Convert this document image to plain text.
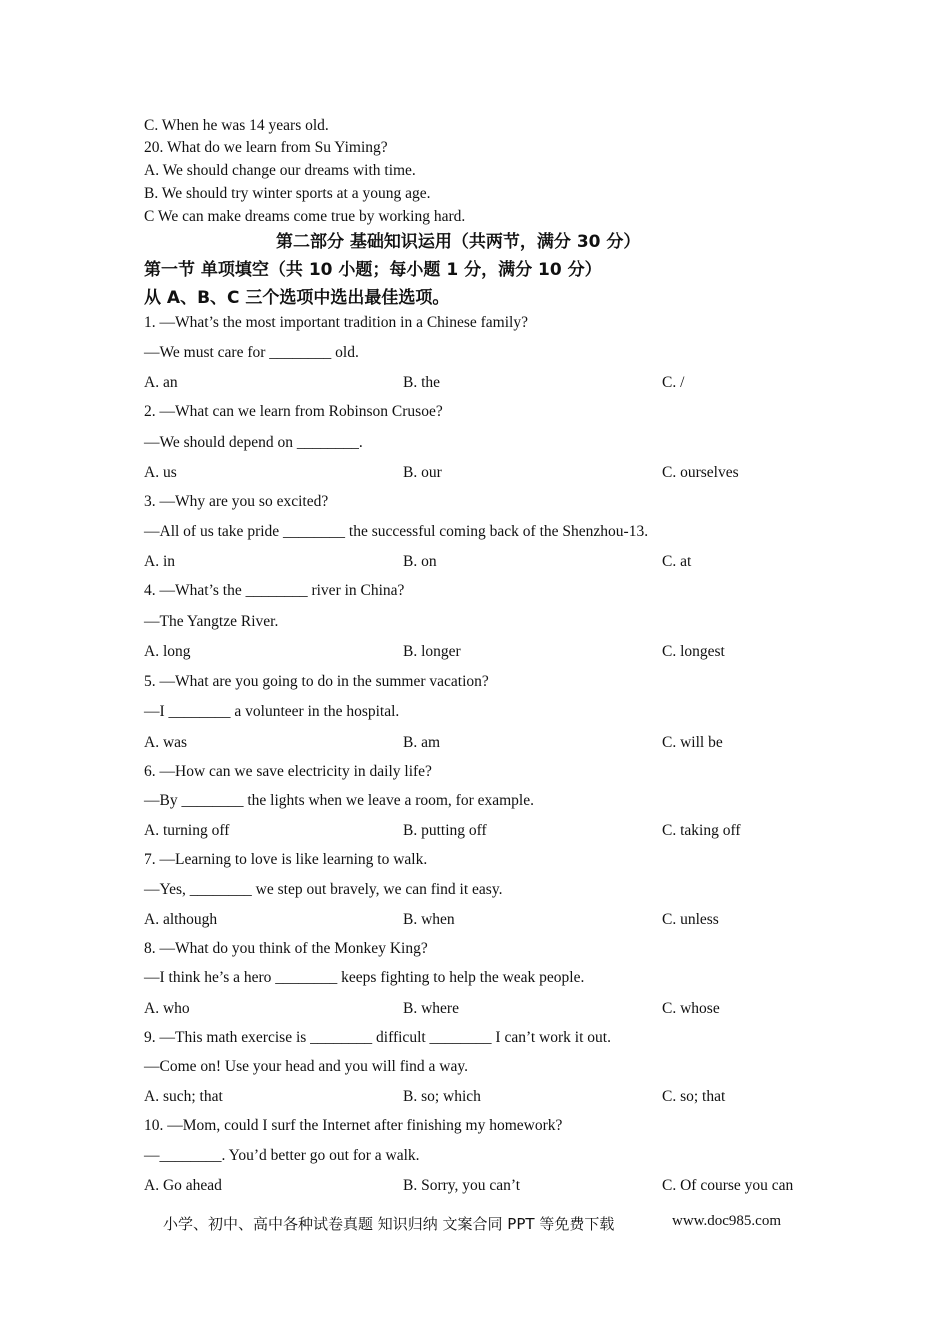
C. When he was 14 years old.
20. What do we learn from Su Yiming?
A. We should change our dreams with time.
B. We should try winter sports at a young age.
C We can make dreams come true by working hard.
第二部分 基础知识运用（共两节，满分 30 分）
第一节 单项填空（共 10 小题；每小题 1 分，满分 10 分）
从 A、B、C 三个选项中选出最佳选项。
1. —What’s the most important tradition in a Chinese family?
—We must care for ________ old.
A. an	B. the	C. /
2. —What can we learn from Robinson Crusoe?
—We should depend on ________.
A. us	B. our	C. ourselves
3. —Why are you so excited?
—All of us take pride ________ the successful coming back of the Shenzhou-13.
A. in	B. on	C. at
4. —What’s the ________ river in China?
—The Yangtze River.
A. long	B. longer	C. longest
5. —What are you going to do in the summer vacation?
—I ________ a volunteer in the hospital.
A. was	B. am	C. will be
6. —How can we save electricity in daily life?
—By ________ the lights when we leave a room, for example.
A. turning off	B. putting off	C. taking off
7. —Learning to love is like learning to walk.
—Yes, ________ we step out bravely, we can find it easy.
A. although	B. when	C. unless
8. —What do you think of the Monkey King?
—I think he’s a hero ________ keeps fighting to help the weak people.
A. who	B. where	C. whose
9. —This math exercise is ________ difficult ________ I can’t work it out.
—Come on! Use your head and you will find a way.
A. such; that	B. so; which	C. so; that
10. —Mom, could I surf the Internet after finishing my homework?
—________. You’d better go out for a walk.
A. Go ahead	B. Sorry, you can’t	C. Of course you can
小学、初中、高中各种试卷真题 知识归纳 文案合同 PPT 等免费下载	www.doc985.com
